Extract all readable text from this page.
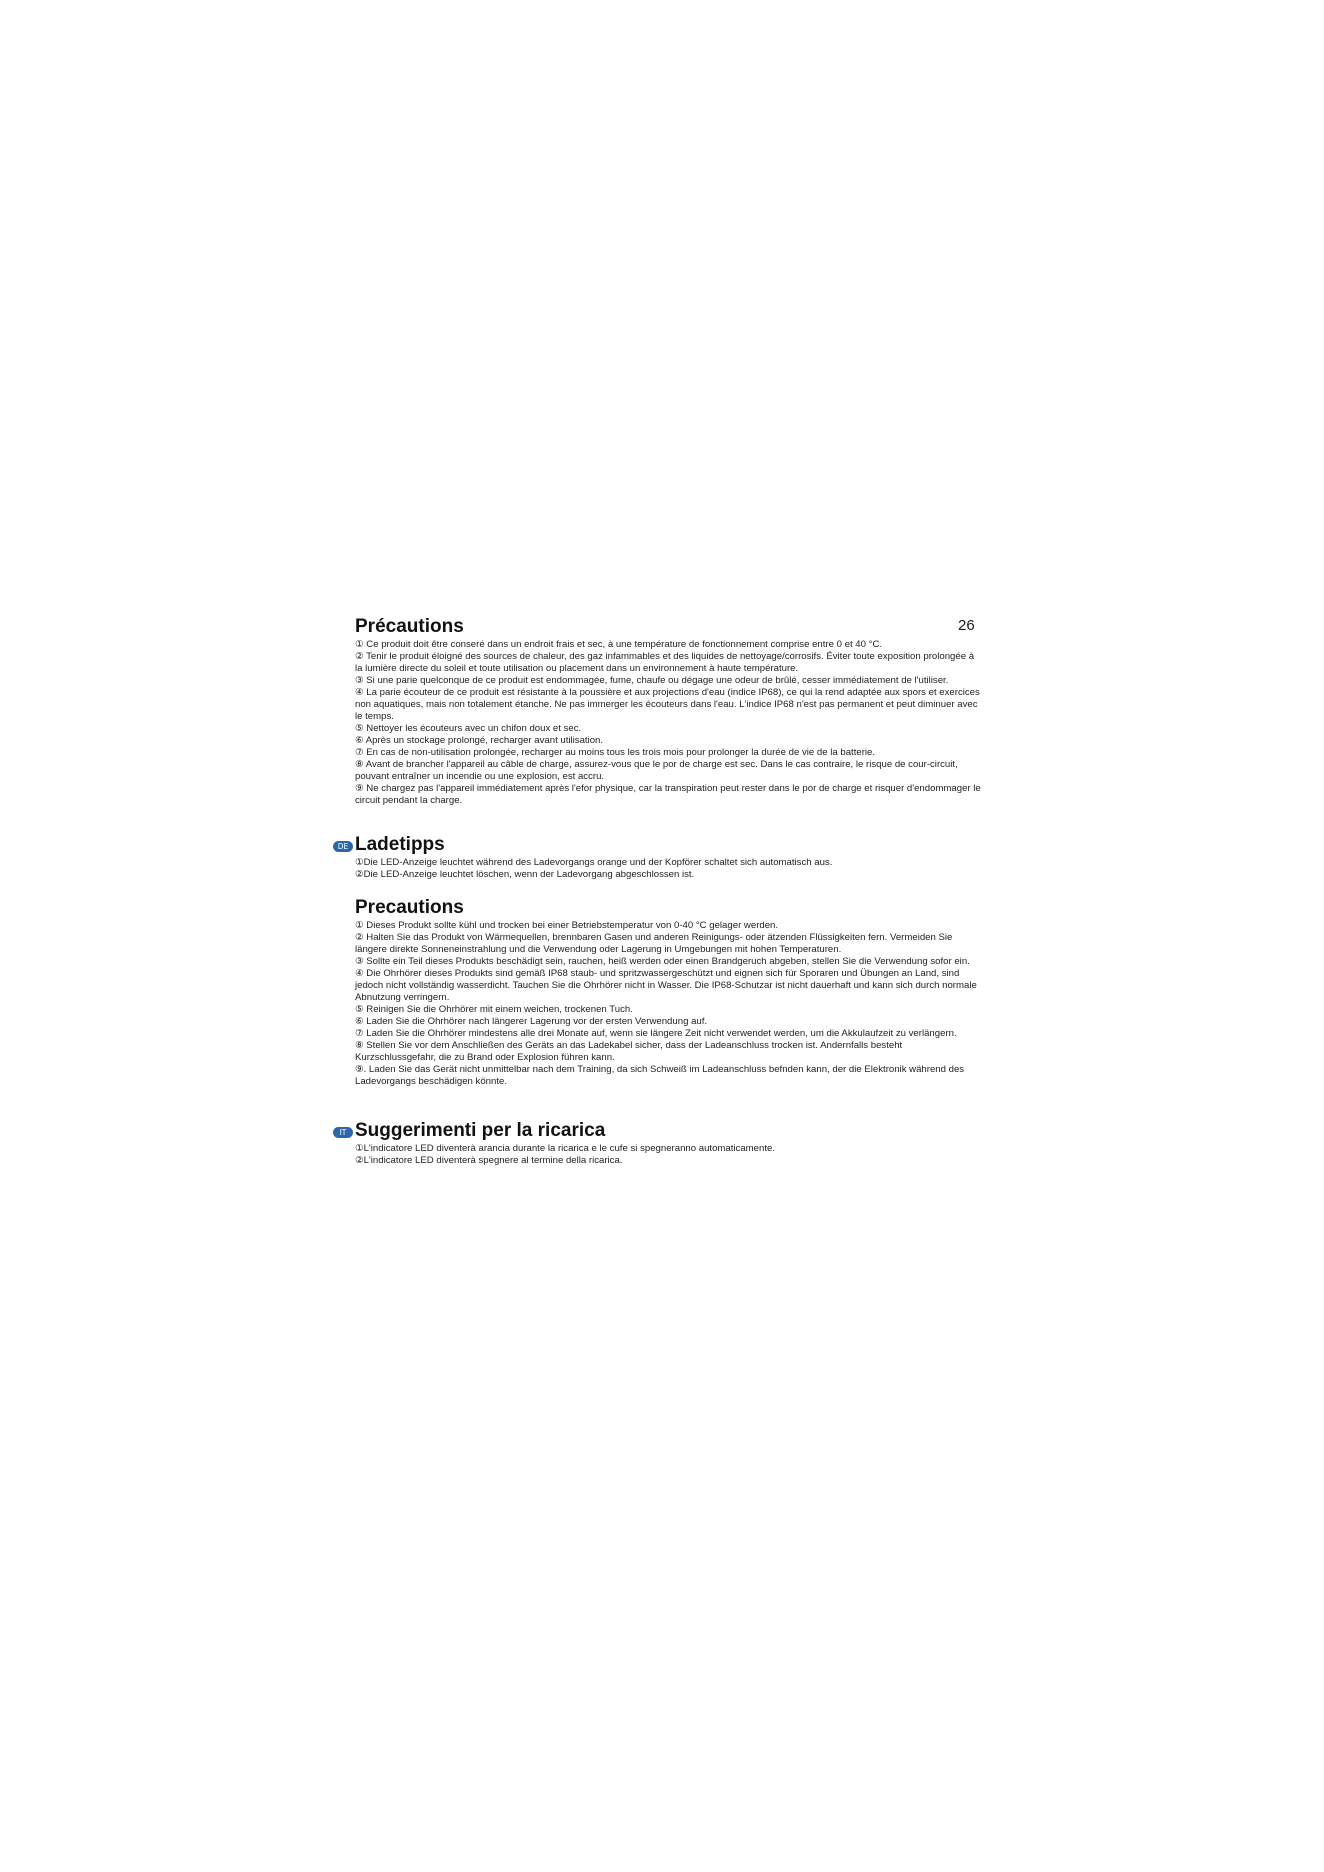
26
Précautions
① Ce produit doit être conseré dans un endroit frais et sec, à une température de fonctionnement comprise entre 0 et 40 °C.
② Tenir le produit éloigné des sources de chaleur, des gaz infammables et des liquides de nettoyage/corrosifs. Éviter toute exposition prolongée à la lumière directe du soleil et toute utilisation ou placement dans un environnement à haute température.
③ Si une parie quelconque de ce produit est endommagée, fume, chaufe ou dégage une odeur de brûlé, cesser immédiatement de l'utiliser.
④ La parie écouteur de ce produit est résistante à la poussière et aux projections d'eau (indice IP68), ce qui la rend adaptée aux spors et exercices non aquatiques, mais non totalement étanche. Ne pas immerger les écouteurs dans l'eau. L'indice IP68 n'est pas permanent et peut diminuer avec le temps.
⑤ Nettoyer les écouteurs avec un chifon doux et sec.
⑥ Après un stockage prolongé, recharger avant utilisation.
⑦ En cas de non-utilisation prolongée, recharger au moins tous les trois mois pour prolonger la durée de vie de la batterie.
⑧ Avant de brancher l'appareil au câble de charge, assurez-vous que le por de charge est sec. Dans le cas contraire, le risque de cour-circuit, pouvant entraîner un incendie ou une explosion, est accru.
⑨ Ne chargez pas l'appareil immédiatement après l'efor physique, car la transpiration peut rester dans le por de charge et risquer d'endommager le circuit pendant la charge.
DE Ladetipps
①Die LED-Anzeige leuchtet während des Ladevorgangs orange und der Kopförer schaltet sich automatisch aus.
②Die LED-Anzeige leuchtet löschen, wenn der Ladevorgang abgeschlossen ist.
Precautions
① Dieses Produkt sollte kühl und trocken bei einer Betriebstemperatur von 0-40 °C gelager werden.
② Halten Sie das Produkt von Wärmequellen, brennbaren Gasen und anderen Reinigungs- oder ätzenden Flüssigkeiten fern. Vermeiden Sie längere direkte Sonneneinstrahlung und die Verwendung oder Lagerung in Umgebungen mit hohen Temperaturen.
③ Sollte ein Teil dieses Produkts beschädigt sein, rauchen, heiß werden oder einen Brandgeruch abgeben, stellen Sie die Verwendung sofor ein.
④ Die Ohrhörer dieses Produkts sind gemäß IP68 staub- und spritzwassergeschützt und eignen sich für Sporaren und Übungen an Land, sind jedoch nicht vollständig wasserdicht. Tauchen Sie die Ohrhörer nicht in Wasser. Die IP68-Schutzar ist nicht dauerhaft und kann sich durch normale Abnutzung verringern.
⑤ Reinigen Sie die Ohrhörer mit einem weichen, trockenen Tuch.
⑥ Laden Sie die Ohrhörer nach längerer Lagerung vor der ersten Verwendung auf.
⑦ Laden Sie die Ohrhörer mindestens alle drei Monate auf, wenn sie längere Zeit nicht verwendet werden, um die Akkulaufzeit zu verlängern.
⑧ Stellen Sie vor dem Anschließen des Geräts an das Ladekabel sicher, dass der Ladeanschluss trocken ist. Andernfalls besteht Kurzschlussgefahr, die zu Brand oder Explosion führen kann.
⑨. Laden Sie das Gerät nicht unmittelbar nach dem Training, da sich Schweiß im Ladeanschluss befnden kann, der die Elektronik während des Ladevorgangs beschädigen könnte.
IT Suggerimenti per la ricarica
①L'indicatore LED diventerà arancia durante la ricarica e le cufe si spegneranno automaticamente.
②L'indicatore LED diventerà spegnere al termine della ricarica.
